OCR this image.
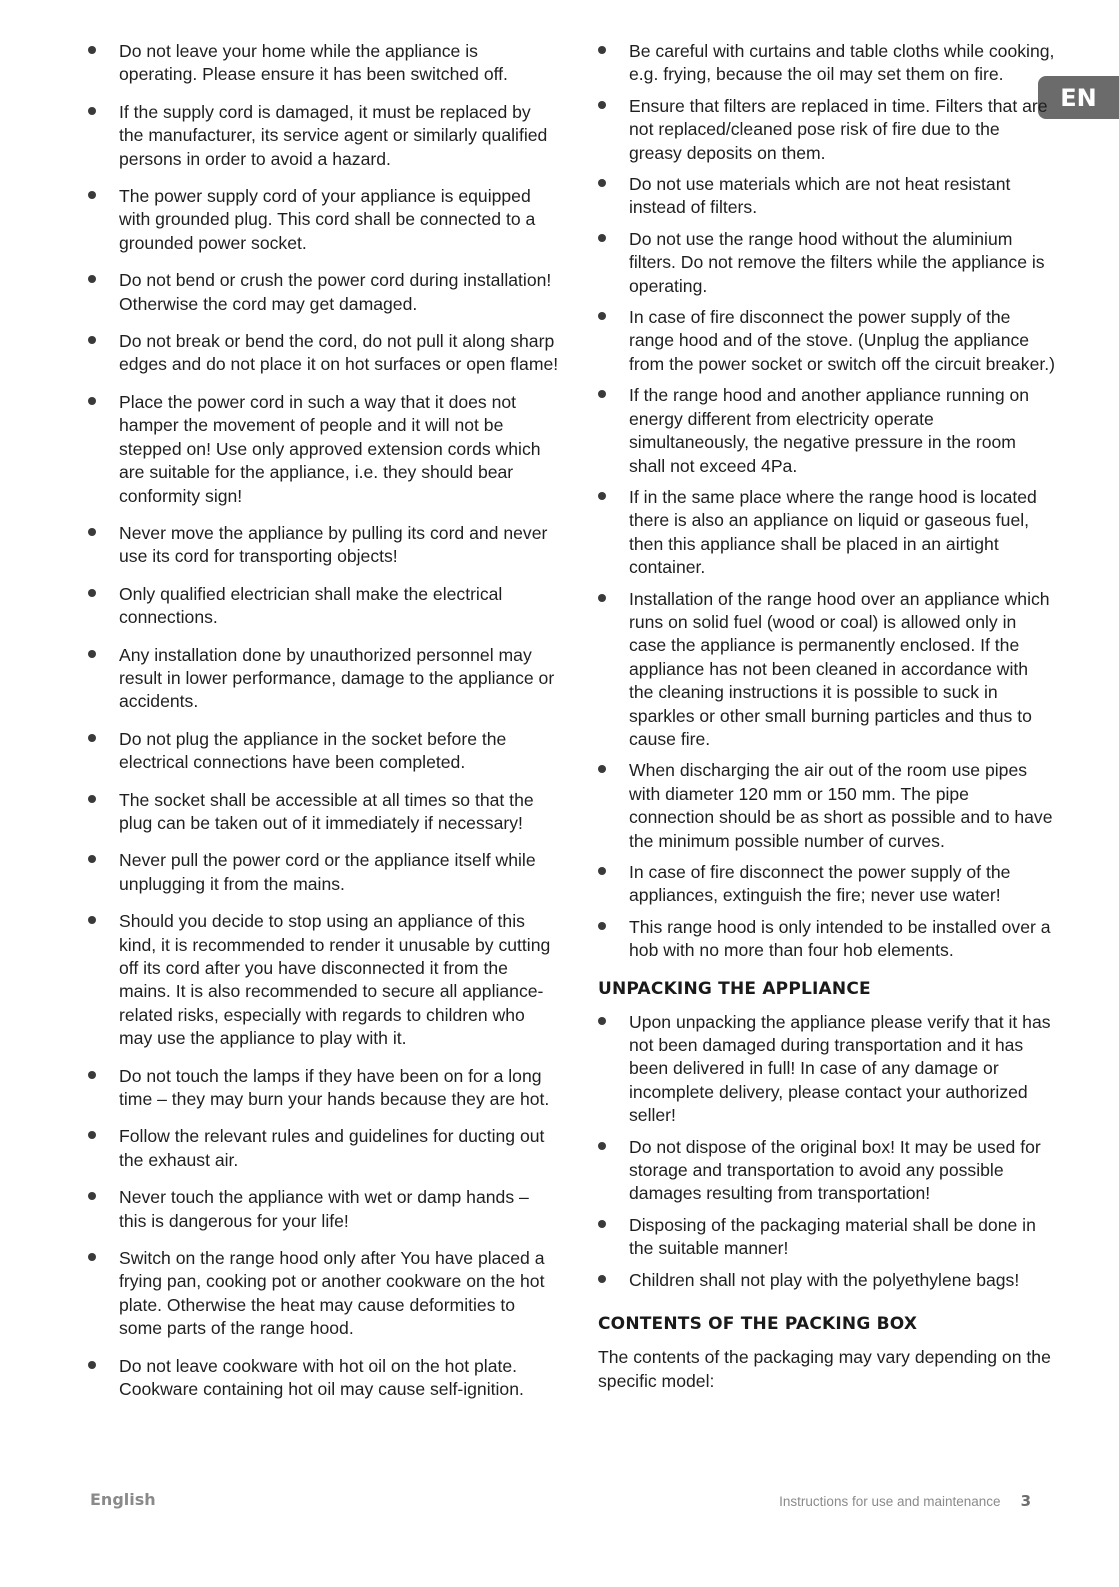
EN
Do not leave your home while the appliance is operating. Please ensure it has been switched off.
If the supply cord is damaged, it must be replaced by the manufacturer, its service agent or similarly qualified persons in order to avoid a hazard.
The power supply cord of your appliance is equipped with grounded plug. This cord shall be connected to a grounded power socket.
Do not bend or crush the power cord during installation! Otherwise the cord may get damaged.
Do not break or bend the cord, do not pull it along sharp edges and do not place it on hot surfaces or open flame!
Place the power cord in such a way that it does not hamper the movement of people and it will not be stepped on! Use only approved extension cords which are suitable for the appliance, i.e. they should bear conformity sign!
Never move the appliance by pulling its cord and never use its cord for transporting objects!
Only qualified electrician shall make the electrical connections.
Any installation done by unauthorized personnel may result in lower performance, damage to the appliance or accidents.
Do not plug the appliance in the socket before the electrical connections have been completed.
The socket shall be accessible at all times so that the plug can be taken out of it immediately if necessary!
Never pull the power cord or the appliance itself while unplugging it from the mains.
Should you decide to stop using an appliance of this kind, it is recommended to render it unusable by cutting off its cord after you have disconnected it from the mains. It is also recommended to secure all appliance-related risks, especially with regards to children who may use the appliance to play with it.
Do not touch the lamps if they have been on for a long time – they may burn your hands because they are hot.
Follow the relevant rules and guidelines for ducting out the exhaust air.
Never touch the appliance with wet or damp hands – this is dangerous for your life!
Switch on the range hood only after You have placed a frying pan, cooking pot or another cookware on the hot plate. Otherwise the heat may cause deformities to some parts of the range hood.
Do not leave cookware with hot oil on the hot plate. Cookware containing hot oil may cause self-ignition.
Be careful with curtains and table cloths while cooking, e.g. frying, because the oil may set them on fire.
Ensure that filters are replaced in time. Filters that are not replaced/cleaned pose risk of fire due to the greasy deposits on them.
Do not use materials which are not heat resistant instead of filters.
Do not use the range hood without the aluminium filters. Do not remove the filters while the appliance is operating.
In case of fire disconnect the power supply of the range hood and of the stove. (Unplug the appliance from the power socket or switch off the circuit breaker.)
If the range hood and another appliance running on energy different from electricity operate simultaneously, the negative pressure in the room shall not exceed 4Pa.
If in the same place where the range hood is located there is also an appliance on liquid or gaseous fuel, then this appliance shall be placed in an airtight container.
Installation of the range hood over an appliance which runs on solid fuel (wood or coal) is allowed only in case the appliance is permanently enclosed. If the appliance has not been cleaned in accordance with the cleaning instructions it is possible to suck in sparkles or other small burning particles and thus to cause fire.
When discharging the air out of the room use pipes with diameter 120 mm or 150 mm. The pipe connection should be as short as possible and to have the minimum possible number of curves.
In case of fire disconnect the power supply of the appliances, extinguish the fire; never use water!
This range hood is only intended to be installed over a hob with no more than four hob elements.
UNPACKING THE APPLIANCE
Upon unpacking the appliance please verify that it has not been damaged during transportation and it has been delivered in full! In case of any damage or incomplete delivery, please contact your authorized seller!
Do not dispose of the original box! It may be used for storage and transportation to avoid any possible damages resulting from transportation!
Disposing of the packaging material shall be done in the suitable manner!
Children shall not play with the polyethylene bags!
CONTENTS OF THE PACKING BOX

The contents of the packaging may vary depending on the specific model:

English	Instructions for use and maintenance 3
